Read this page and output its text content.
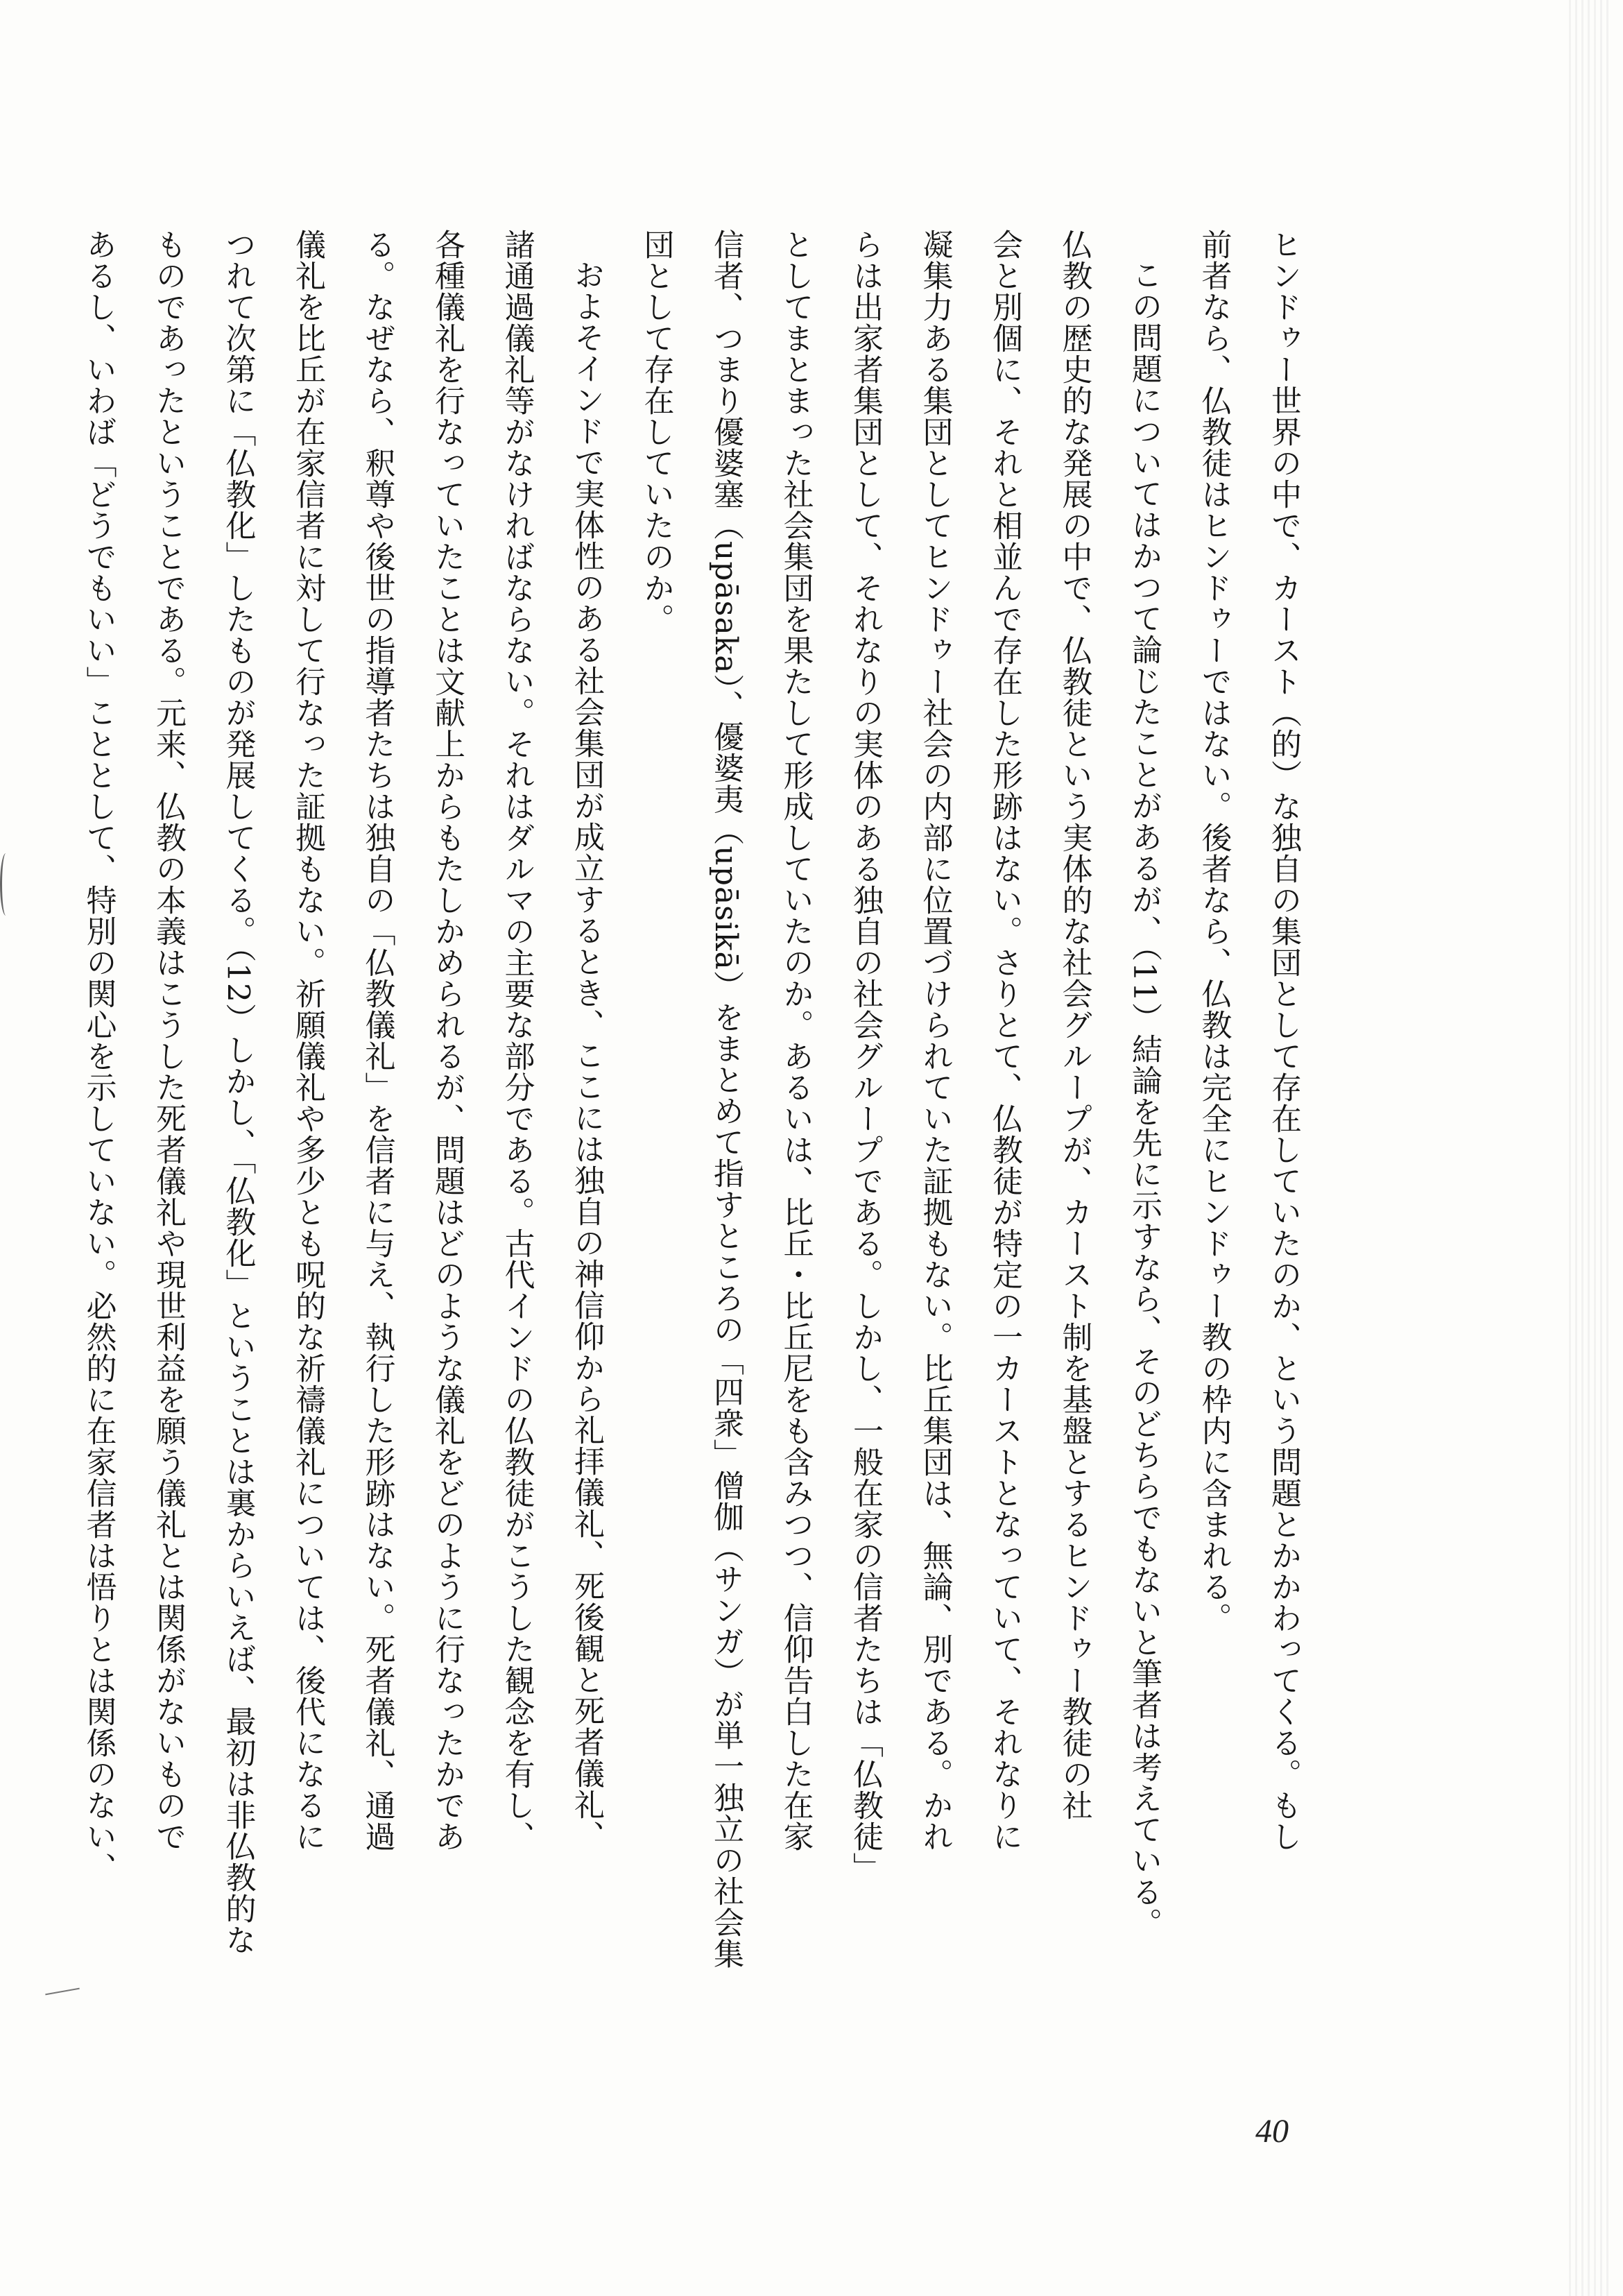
ヒンドゥー世界の中で、カースト（的）な独自の集団として存在していたのか、という問題とかかわってくる。もし

前者なら、仏教徒はヒンドゥーではない。後者なら、仏教は完全にヒンドゥー教の枠内に含まれる。

この問題についてはかつて論じたことがあるが、（11）結論を先に示すなら、そのどちらでもないと筆者は考えている。

仏教の歴史的な発展の中で、仏教徒という実体的な社会グループが、カースト制を基盤とするヒンドゥー教徒の社

会と別個に、それと相並んで存在した形跡はない。さりとて、仏教徒が特定の一カーストとなっていて、それなりに

凝集力ある集団としてヒンドゥー社会の内部に位置づけられていた証拠もない。比丘集団は、無論、別である。かれ

らは出家者集団として、それなりの実体のある独自の社会グループである。しかし、一般在家の信者たちは「仏教徒」

としてまとまった社会集団を果たして形成していたのか。あるいは、比丘・比丘尼をも含みつつ、信仰告白した在家

信者、つまり優婆塞（upāsaka）、優婆夷（upāsikā）をまとめて指すところの「四衆」僧伽（サンガ）が単一独立の社会集

団として存在していたのか。

およそインドで実体性のある社会集団が成立するとき、ここには独自の神信仰から礼拝儀礼、死後観と死者儀礼、

諸通過儀礼等がなければならない。それはダルマの主要な部分である。古代インドの仏教徒がこうした観念を有し、

各種儀礼を行なっていたことは文献上からもたしかめられるが、問題はどのような儀礼をどのように行なったかであ

る。なぜなら、釈尊や後世の指導者たちは独自の「仏教儀礼」を信者に与え、執行した形跡はない。死者儀礼、通過

儀礼を比丘が在家信者に対して行なった証拠もない。祈願儀礼や多少とも呪的な祈禱儀礼については、後代になるに

つれて次第に「仏教化」したものが発展してくる。（12）しかし、「仏教化」ということは裏からいえば、最初は非仏教的な

ものであったということである。元来、仏教の本義はこうした死者儀礼や現世利益を願う儀礼とは関係がないもので

あるし、いわば「どうでもいい」こととして、特別の関心を示していない。必然的に在家信者は悟りとは関係のない、

40
